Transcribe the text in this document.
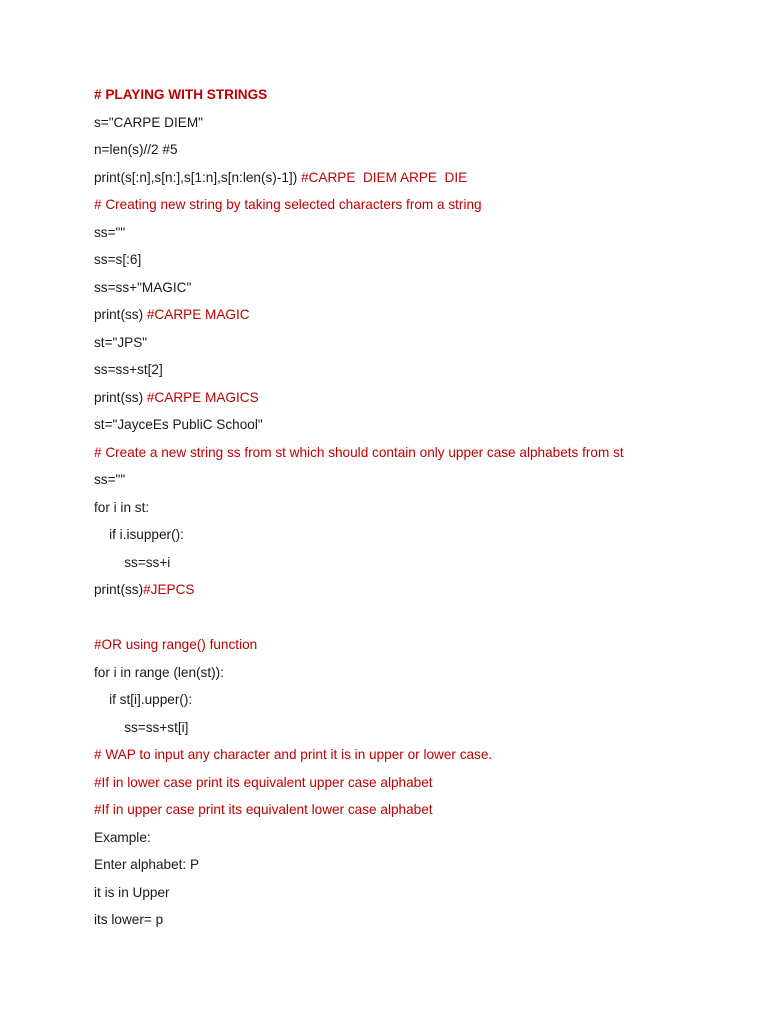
# PLAYING WITH STRINGS
s="CARPE DIEM"
n=len(s)//2 #5
print(s[:n],s[n:],s[1:n],s[n:len(s)-1]) #CARPE  DIEM ARPE  DIE
# Creating new string by taking selected characters from a string
ss=""
ss=s[:6]
ss=ss+"MAGIC"
print(ss) #CARPE MAGIC
st="JPS"
ss=ss+st[2]
print(ss) #CARPE MAGICS
st="JayceEs PubliC School"
# Create a new string ss from st which should contain only upper case alphabets from st
ss=""
for i in st:
if i.isupper():
ss=ss+i
print(ss)#JEPCS
#OR using range() function
for i in range (len(st)):
if st[i].upper():
ss=ss+st[i]
# WAP to input any character and print it is in upper or lower case.
#If in lower case print its equivalent upper case alphabet
#If in upper case print its equivalent lower case alphabet
Example:
Enter alphabet: P
it is in Upper
its lower= p
